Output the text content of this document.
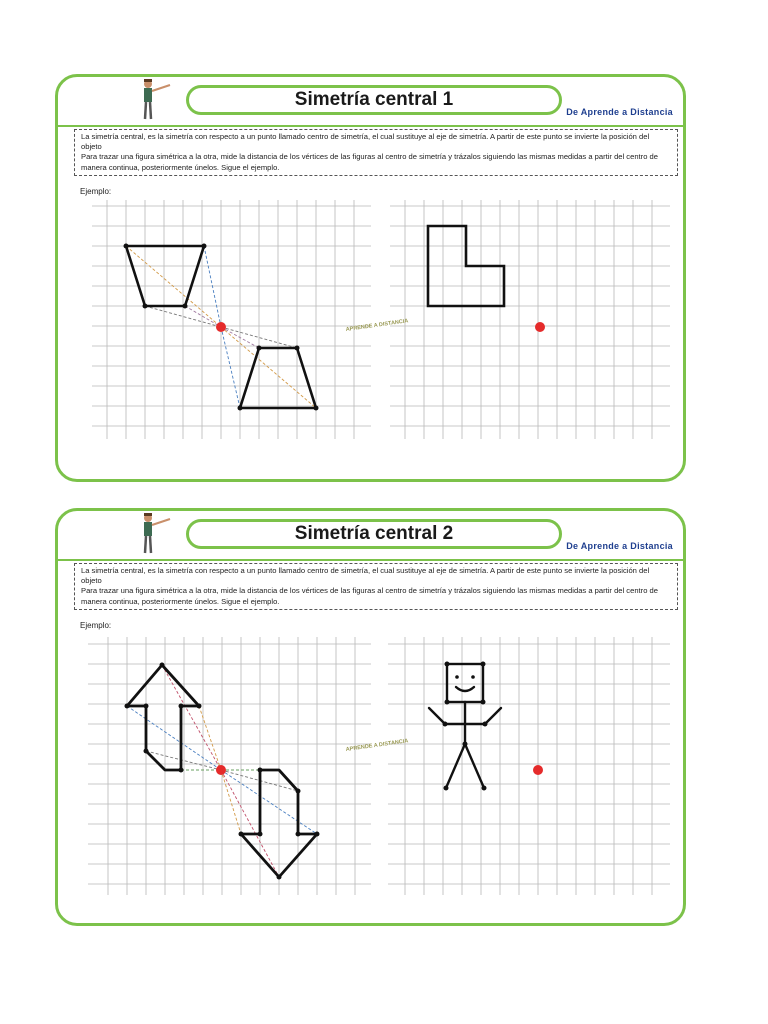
Simetría central 1
De Aprende a Distancia

La simetría central, es la simetría con respecto a un punto llamado centro de simetría, el cual sustituye al eje de simetría. A partir de este punto se invierte la posición del objeto

Para trazar una figura simétrica a la otra, mide la distancia de los vértices de las figuras al centro de simetría y trázalos siguiendo las mismas medidas a partir del centro de manera continua, posteriormente únelos. Sigue el ejemplo.

Ejemplo:
APRENDE A DISTANCIA
Simetría central 2
De Aprende a Distancia

La simetría central, es la simetría con respecto a un punto llamado centro de simetría, el cual sustituye al eje de simetría. A partir de este punto se invierte la posición del objeto

Para trazar una figura simétrica a la otra, mide la distancia de los vértices de las figuras al centro de simetría y trázalos siguiendo las mismas medidas a partir del centro de manera continua, posteriormente únelos. Sigue el ejemplo.

Ejemplo:
APRENDE A DISTANCIA
